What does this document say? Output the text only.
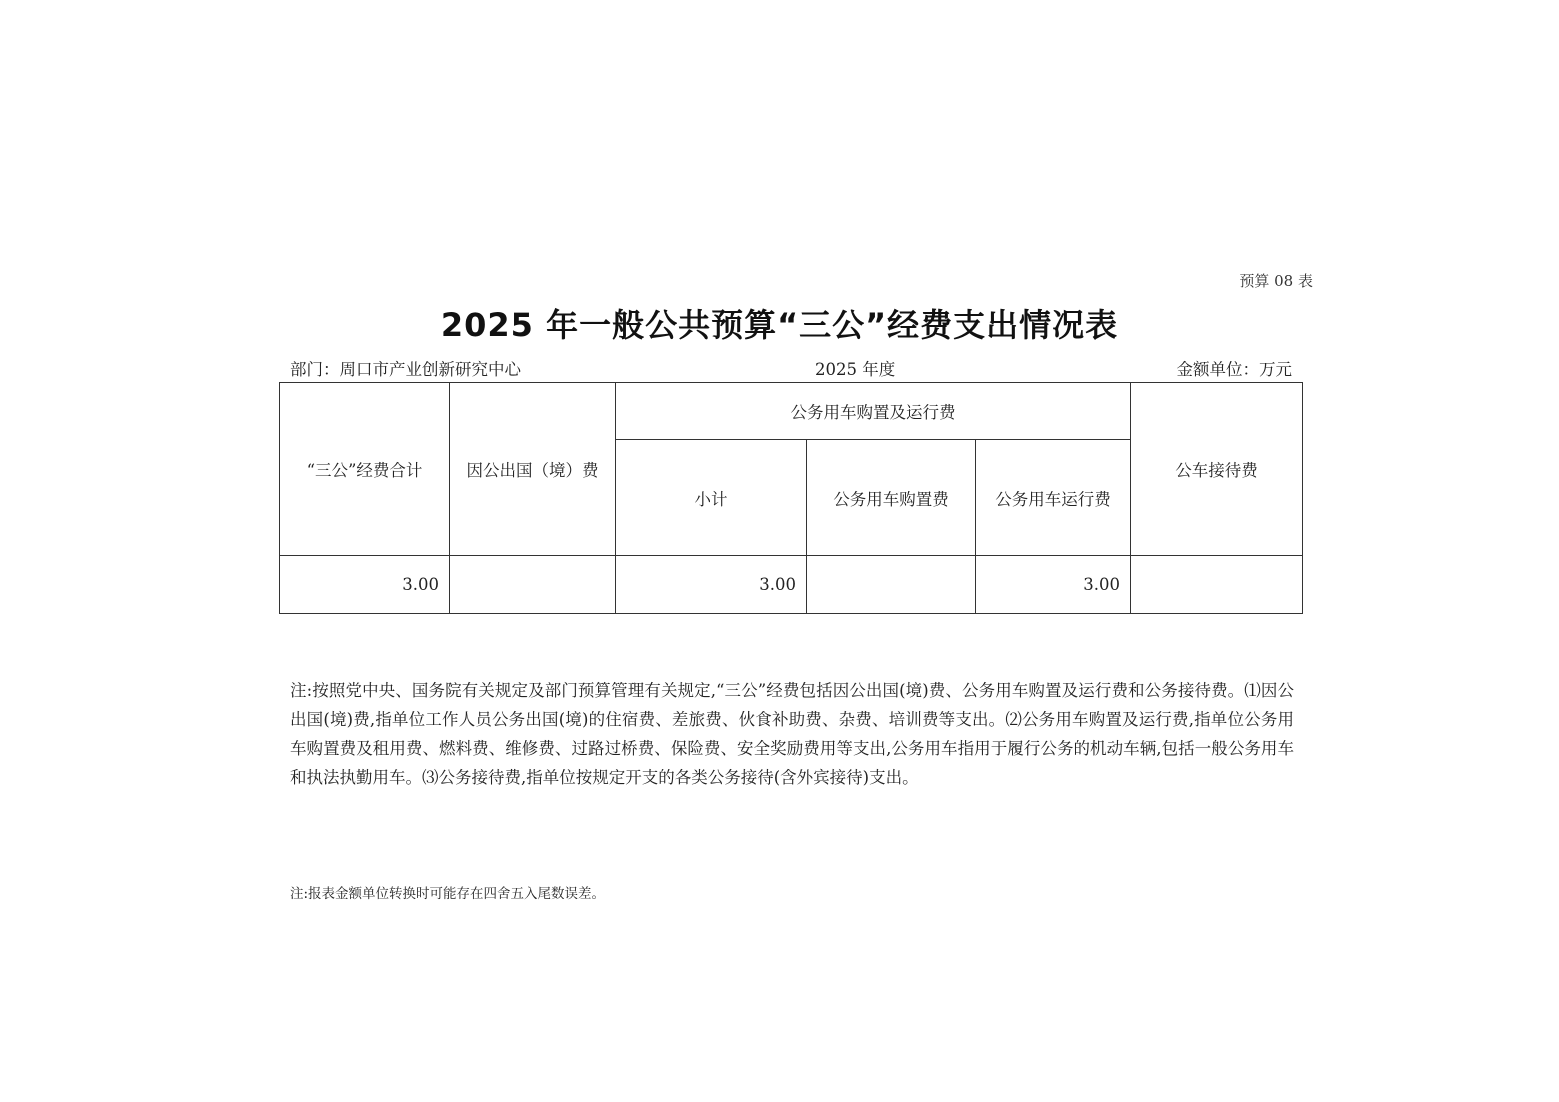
预算 08 表
2025 年一般公共预算“三公”经费支出情况表
部门：周口市产业创新研究中心	2025 年度	金额单位：万元
“三公”经费合计	因公出国（境）费	公务用车购置及运行费			公车接待费
		小计	公务用车购置费	公务用车运行费	
3.00		3.00		3.00	
注:按照党中央、国务院有关规定及部门预算管理有关规定,“三公”经费包括因公出国(境)费、公务用车购置及运行费和公务接待费。⑴因公出国(境)费,指单位工作人员公务出国(境)的住宿费、差旅费、伙食补助费、杂费、培训费等支出。⑵公务用车购置及运行费,指单位公务用车购置费及租用费、燃料费、维修费、过路过桥费、保险费、安全奖励费用等支出,公务用车指用于履行公务的机动车辆,包括一般公务用车和执法执勤用车。⑶公务接待费,指单位按规定开支的各类公务接待(含外宾接待)支出。
注:报表金额单位转换时可能存在四舍五入尾数误差。
